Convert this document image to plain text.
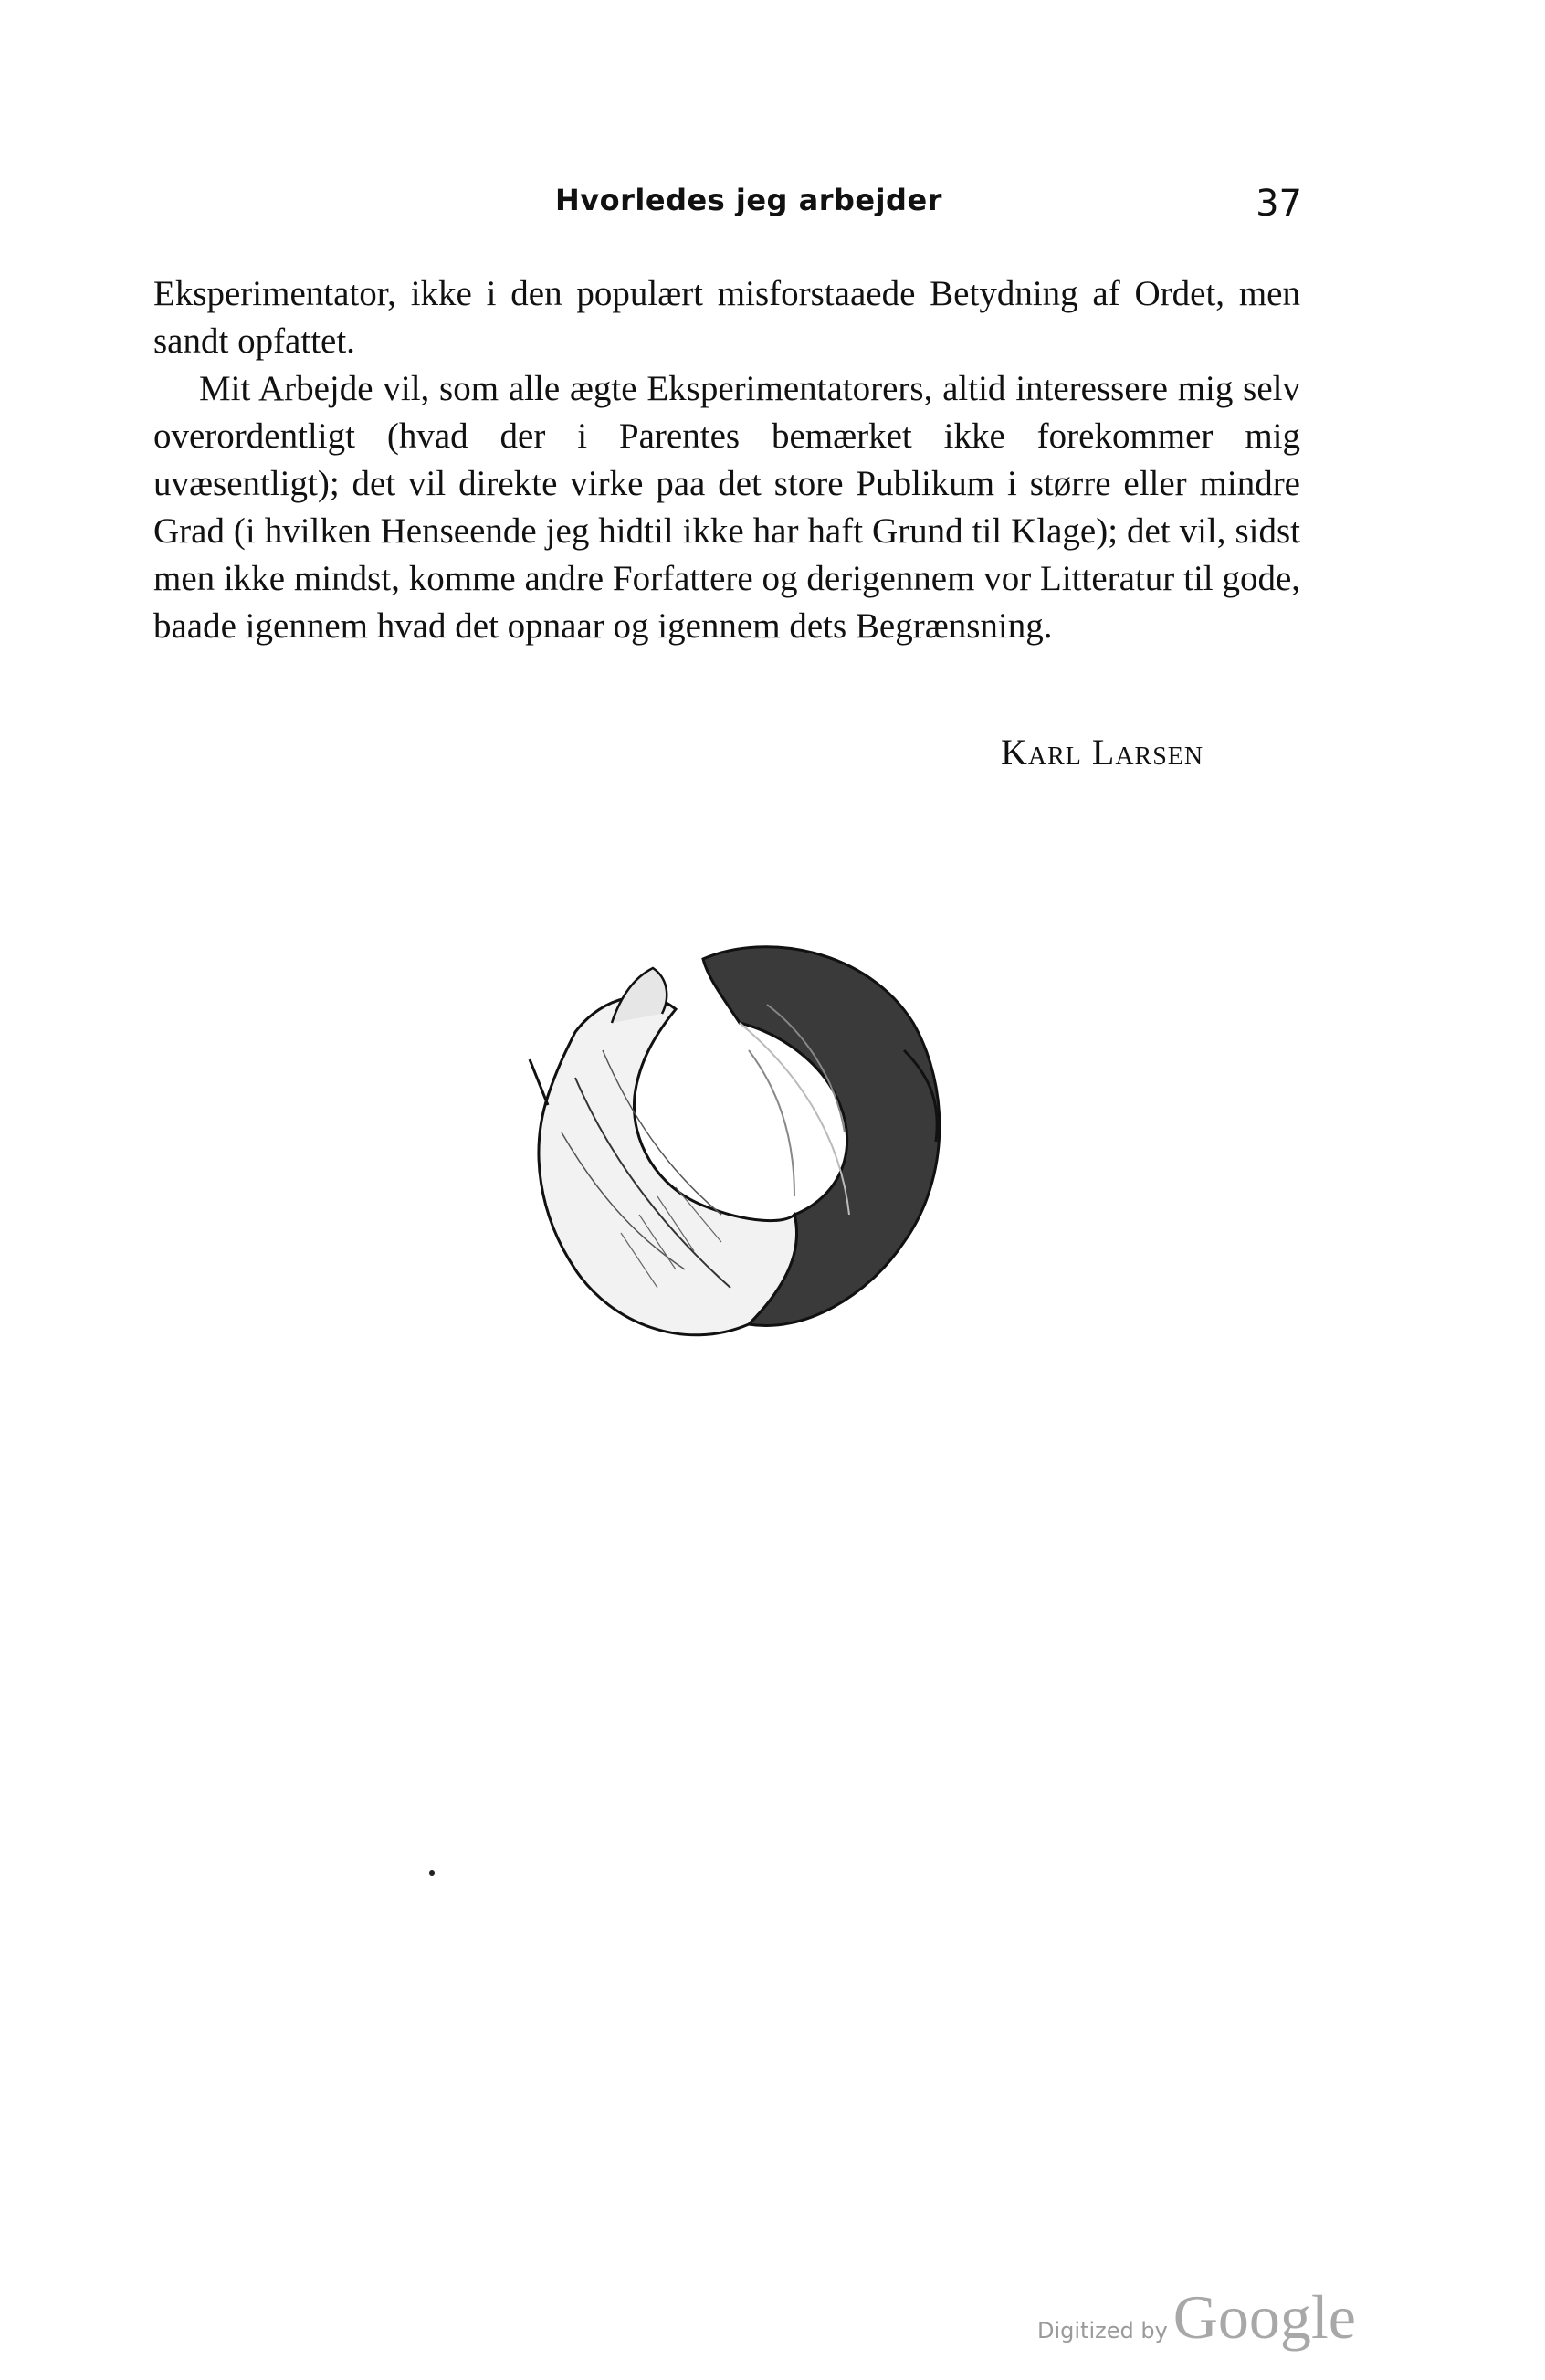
Hvorledes jeg arbejder	37

Eksperimentator, ikke i den populært misforstaaede Betydning af Ordet, men sandt opfattet.

Mit Arbejde vil, som alle ægte Eksperimentatorers, altid interessere mig selv overordentligt (hvad der i Parentes bemærket ikke forekommer mig uvæsentligt); det vil direkte virke paa det store Publikum i større eller mindre Grad (i hvilken Henseende jeg hidtil ikke har haft Grund til Klage); det vil, sidst men ikke mindst, komme andre Forfattere og derigennem vor Litteratur til gode, baade igennem hvad det opnaar og igennem dets Begrænsning.

Karl Larsen
Digitized by Google
